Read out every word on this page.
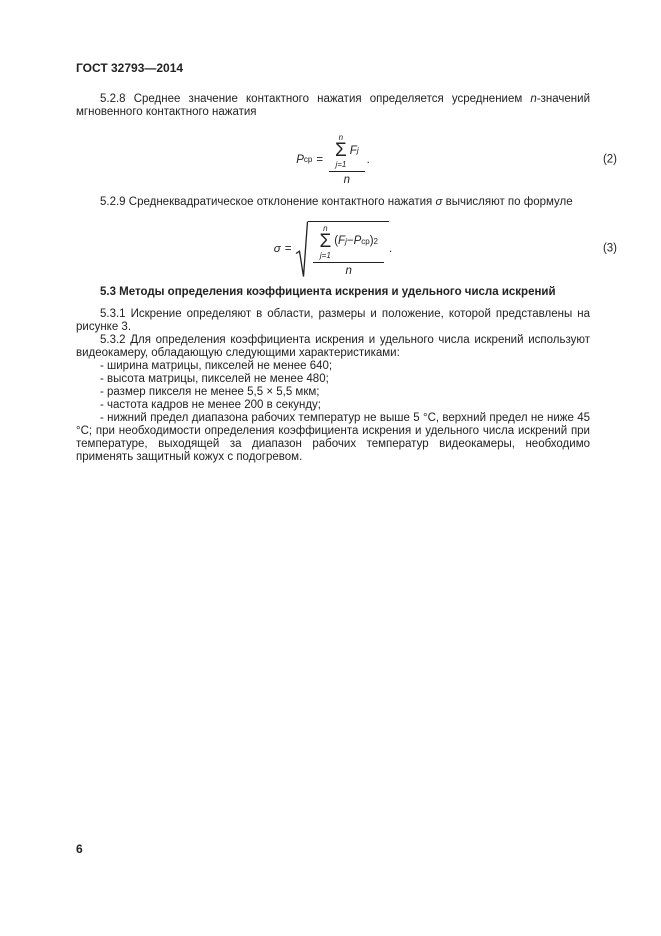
ГОСТ 32793—2014

5.2.8 Среднее значение контактного нажатия определяется усреднением n-значений мгновенного контактного нажатия

P ср = n
Σ
j=1
F j
n .	(2)

5.2.9 Среднеквадратическое отклонение контактного нажатия σ вычисляют по формуле

σ =
n
Σ
j=1
( F j − P ср ) 2
n
.	(3)

5.3 Методы определения коэффициента искрения и удельного числа искрений

5.3.1 Искрение определяют в области, размеры и положение, которой представлены на рисунке 3.

5.3.2 Для определения коэффициента искрения и удельного числа искрений используют видеокамеру, обладающую следующими характеристиками:

- ширина матрицы, пикселей не менее 640;

- высота матрицы, пикселей не менее 480;

- размер пикселя не менее 5,5 × 5,5 мкм;

- частота кадров не менее 200 в секунду;

- нижний предел диапазона рабочих температур не выше 5 °С, верхний предел не ниже 45 °С; при необходимости определения коэффициента искрения и удельного числа искрений при температуре, выходящей за диапазон рабочих температур видеокамеры, необходимо применять защитный кожух с подогревом.

6
